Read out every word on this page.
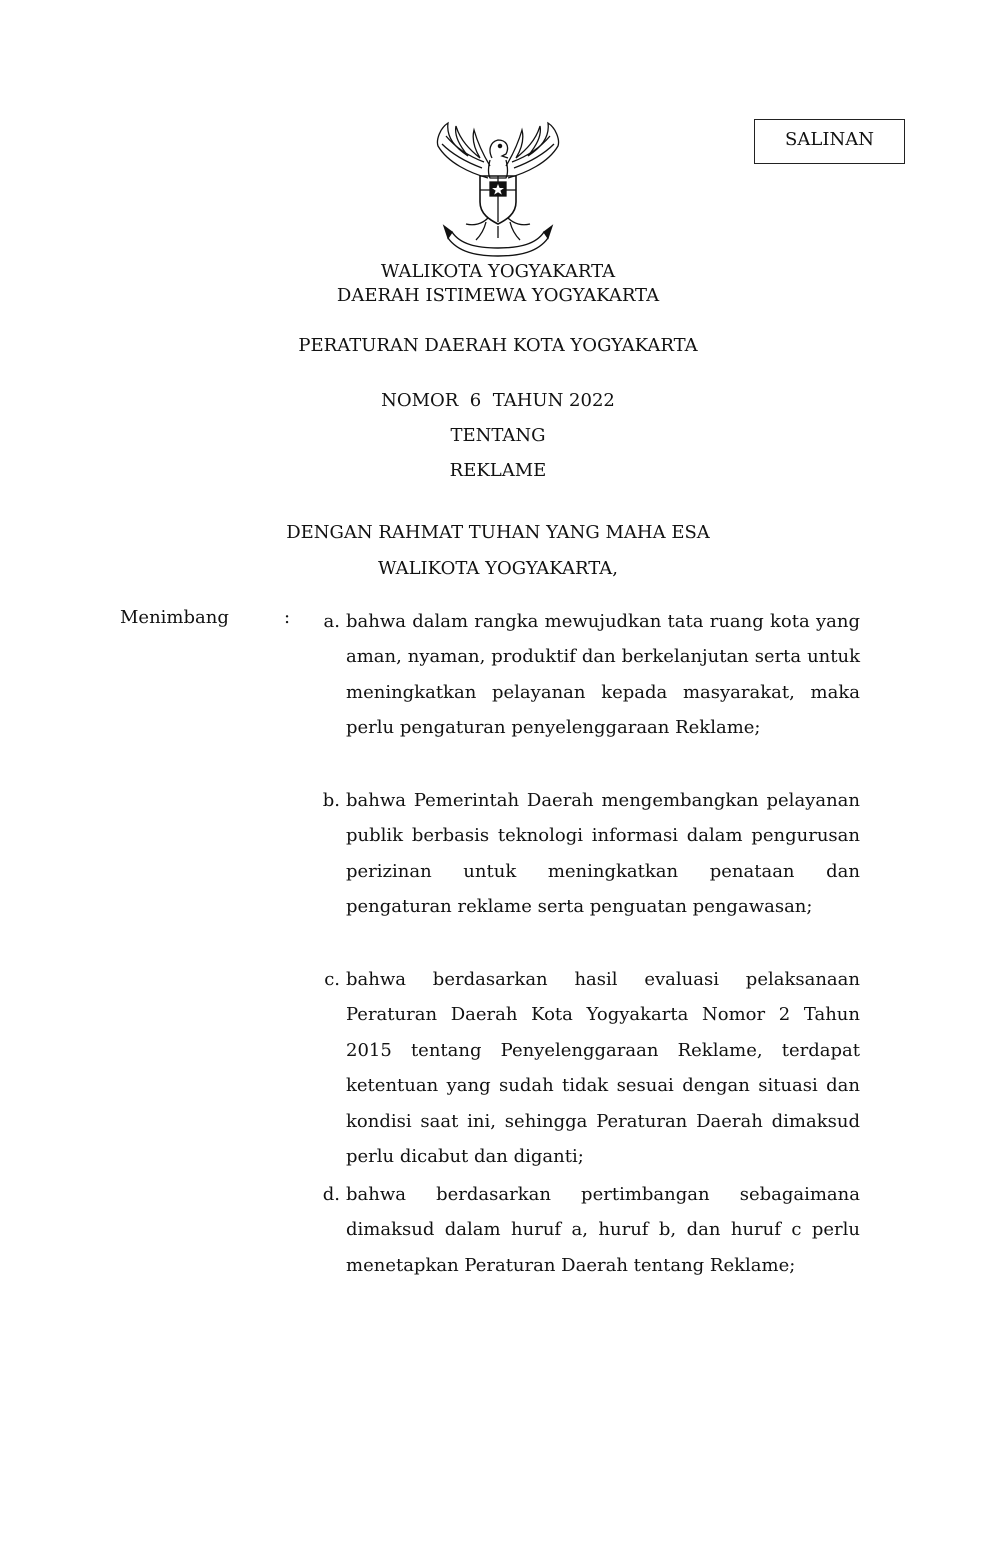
SALINAN
WALIKOTA YOGYAKARTA
DAERAH ISTIMEWA YOGYAKARTA
PERATURAN DAERAH KOTA YOGYAKARTA
NOMOR  6  TAHUN 2022
TENTANG
REKLAME
DENGAN RAHMAT TUHAN YANG MAHA ESA
WALIKOTA YOGYAKARTA,
Menimbang	:	a. bahwa dalam rangka mewujudkan tata ruang kota yang aman, nyaman, produktif dan berkelanjutan serta untuk meningkatkan pelayanan kepada masyarakat, maka perlu pengaturan penyelenggaraan Reklame;

b. bahwa Pemerintah Daerah mengembangkan pelayanan publik berbasis teknologi informasi dalam pengurusan perizinan untuk meningkatkan penataan dan pengaturan reklame serta penguatan pengawasan;

c. bahwa berdasarkan hasil evaluasi pelaksanaan Peraturan Daerah Kota Yogyakarta Nomor 2 Tahun 2015 tentang Penyelenggaraan Reklame, terdapat ketentuan yang sudah tidak sesuai dengan situasi dan kondisi saat ini, sehingga Peraturan Daerah dimaksud perlu dicabut dan diganti;

d. bahwa berdasarkan pertimbangan sebagaimana dimaksud dalam huruf a, huruf b, dan huruf c perlu menetapkan Peraturan Daerah tentang Reklame;
